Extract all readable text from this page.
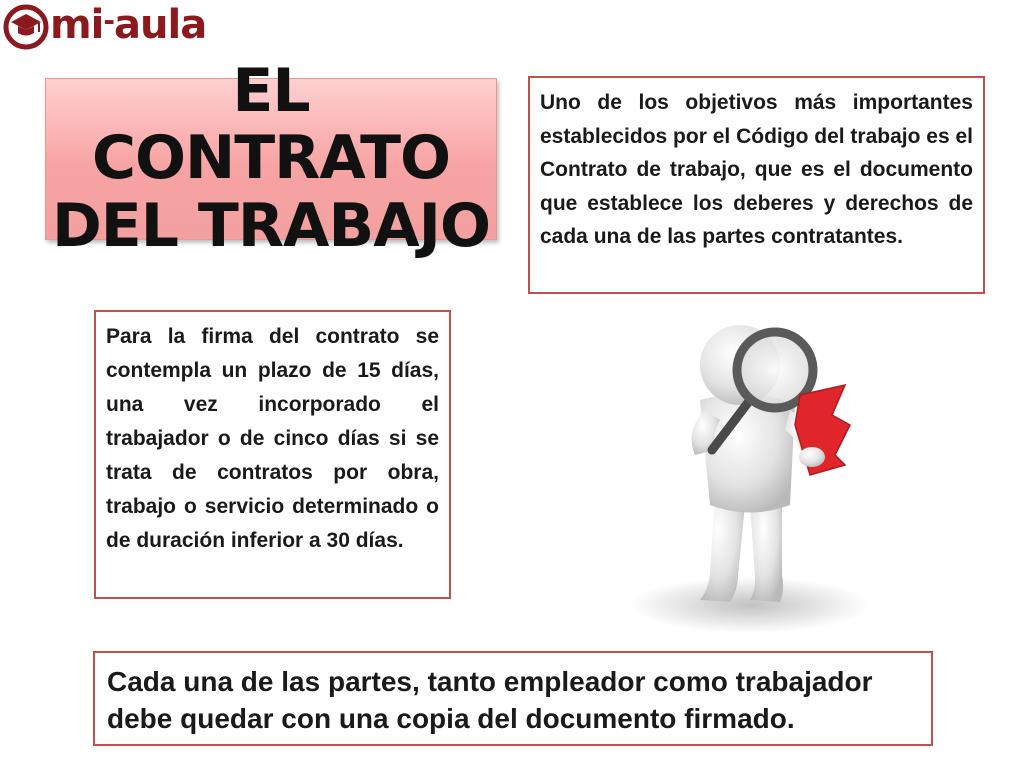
mi-aula
EL CONTRATO
DEL TRABAJO
Uno de los objetivos más importantes establecidos por el Código del trabajo es el Contrato de trabajo, que es el documento que establece los deberes y derechos de cada una de las partes contratantes.
Para la firma del contrato se contempla un plazo de 15 días, una vez incorporado el trabajador o de cinco días si se trata de contratos por obra, trabajo o servicio determinado o de duración inferior a 30 días.
Cada una de las partes, tanto empleador como trabajador debe quedar con una copia del documento firmado.
